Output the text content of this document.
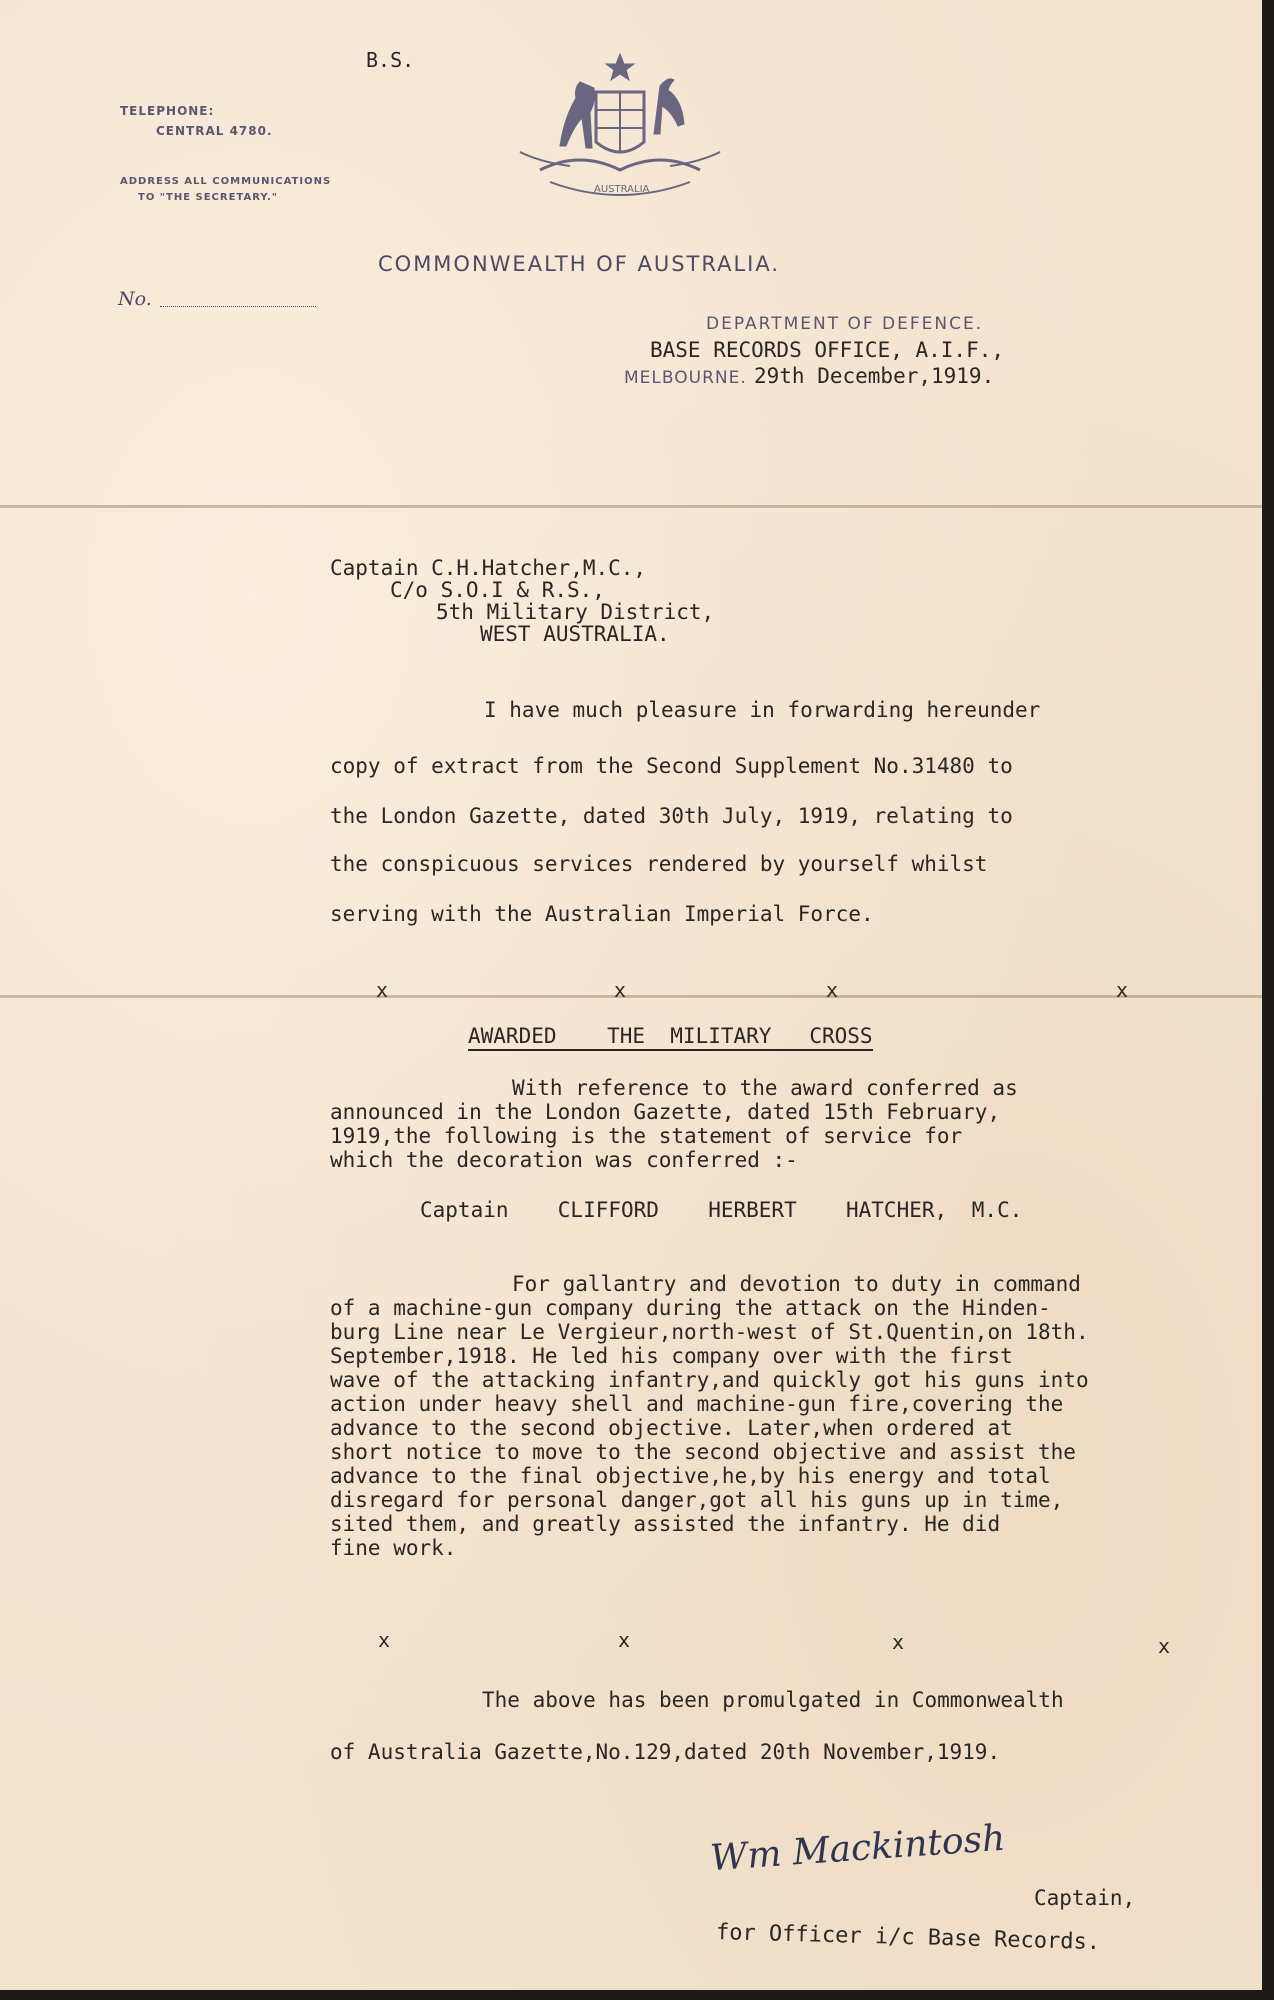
B.S.
TELEPHONE:
CENTRAL 4780.
ADDRESS ALL COMMUNICATIONS
TO "THE SECRETARY."
AUSTRALIA
COMMONWEALTH OF AUSTRALIA.
No.
DEPARTMENT OF DEFENCE.
BASE RECORDS OFFICE, A.I.F.,
MELBOURNE. 29th December,1919.
Captain C.H.Hatcher,M.C.,
C/o S.O.I & R.S.,
5th Military District,
WEST AUSTRALIA.
I have much pleasure in forwarding hereunder
copy of extract from the Second Supplement No.31480 to
the London Gazette, dated 30th July, 1919, relating to
the conspicuous services rendered by yourself whilst
serving with the Australian Imperial Force.
x	x	x	x
AWARDED    THE  MILITARY   CROSS
With reference to the award conferred as
announced in the London Gazette, dated 15th February,
1919,the following is the statement of service for
which the decoration was conferred :-
Captain  CLIFFORD  HERBERT  HATCHER, M.C.
For gallantry and devotion to duty in command
of a machine-gun company during the attack on the Hinden-
burg Line near Le Vergieur,north-west of St.Quentin,on 18th.
September,1918. He led his company over with the first
wave of the attacking infantry,and quickly got his guns into
action under heavy shell and machine-gun fire,covering the
advance to the second objective. Later,when ordered at
short notice to move to the second objective and assist the
advance to the final objective,he,by his energy and total
disregard for personal danger,got all his guns up in time,
sited them, and greatly assisted the infantry. He did
fine work.
x	x	x	x
The above has been promulgated in Commonwealth
of Australia Gazette,No.129,dated 20th November,1919.
Wm Mackintosh
Captain,
for Officer i/c Base Records.
